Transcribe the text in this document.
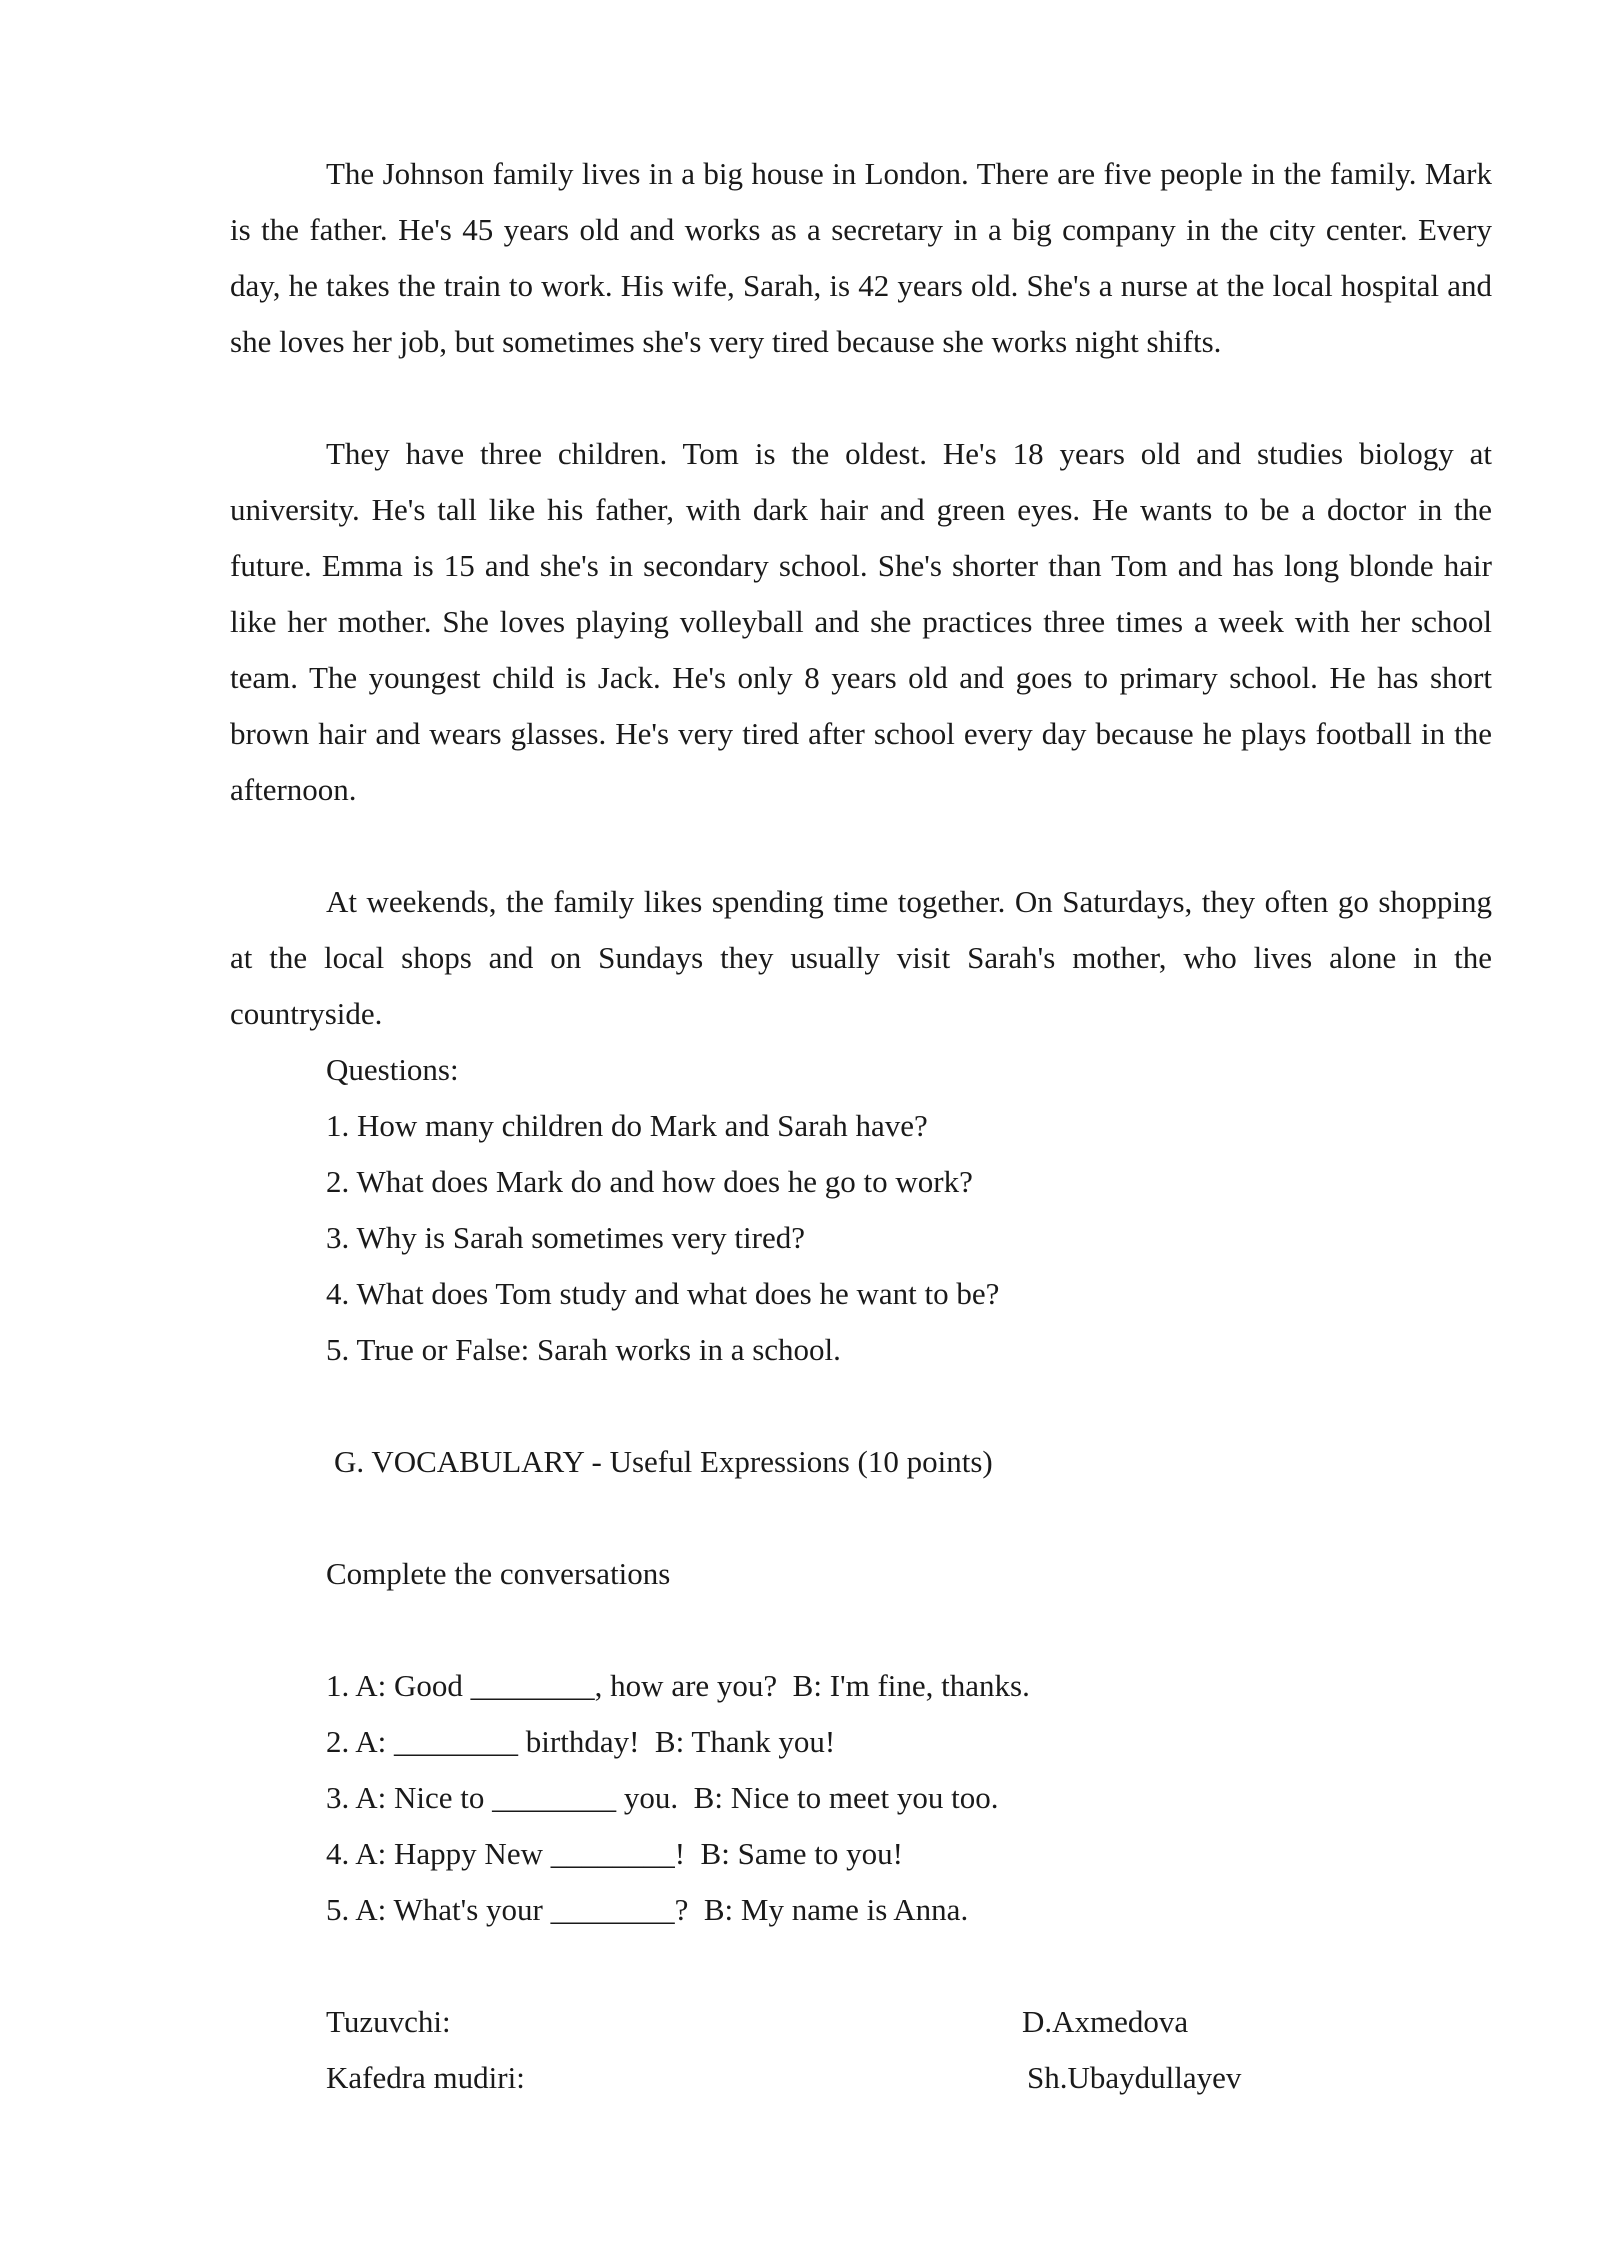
The Johnson family lives in a big house in London. There are five people in the family. Mark is the father. He's 45 years old and works as a secretary in a big company in the city center. Every day, he takes the train to work. His wife, Sarah, is 42 years old. She's a nurse at the local hospital and she loves her job, but sometimes she's very tired because she works night shifts.

They have three children. Tom is the oldest. He's 18 years old and studies biology at university. He's tall like his father, with dark hair and green eyes. He wants to be a doctor in the future. Emma is 15 and she's in secondary school. She's shorter than Tom and has long blonde hair like her mother. She loves playing volleyball and she practices three times a week with her school team. The youngest child is Jack. He's only 8 years old and goes to primary school. He has short brown hair and wears glasses. He's very tired after school every day because he plays football in the afternoon.

At weekends, the family likes spending time together. On Saturdays, they often go shopping at the local shops and on Sundays they usually visit Sarah's mother, who lives alone in the countryside.

Questions:
1. How many children do Mark and Sarah have?
2. What does Mark do and how does he go to work?
3. Why is Sarah sometimes very tired?
4. What does Tom study and what does he want to be?
5. True or False: Sarah works in a school.
G. VOCABULARY - Useful Expressions (10 points)
Complete the conversations
1. A: Good ________, how are you?  B: I'm fine, thanks.
2. A: ________ birthday!  B: Thank you!
3. A: Nice to ________ you.  B: Nice to meet you too.
4. A: Happy New ________!  B: Same to you!
5. A: What's your ________?  B: My name is Anna.
Tuzuvchi:	D.Axmedova
Kafedra mudiri:	Sh.Ubaydullayev
